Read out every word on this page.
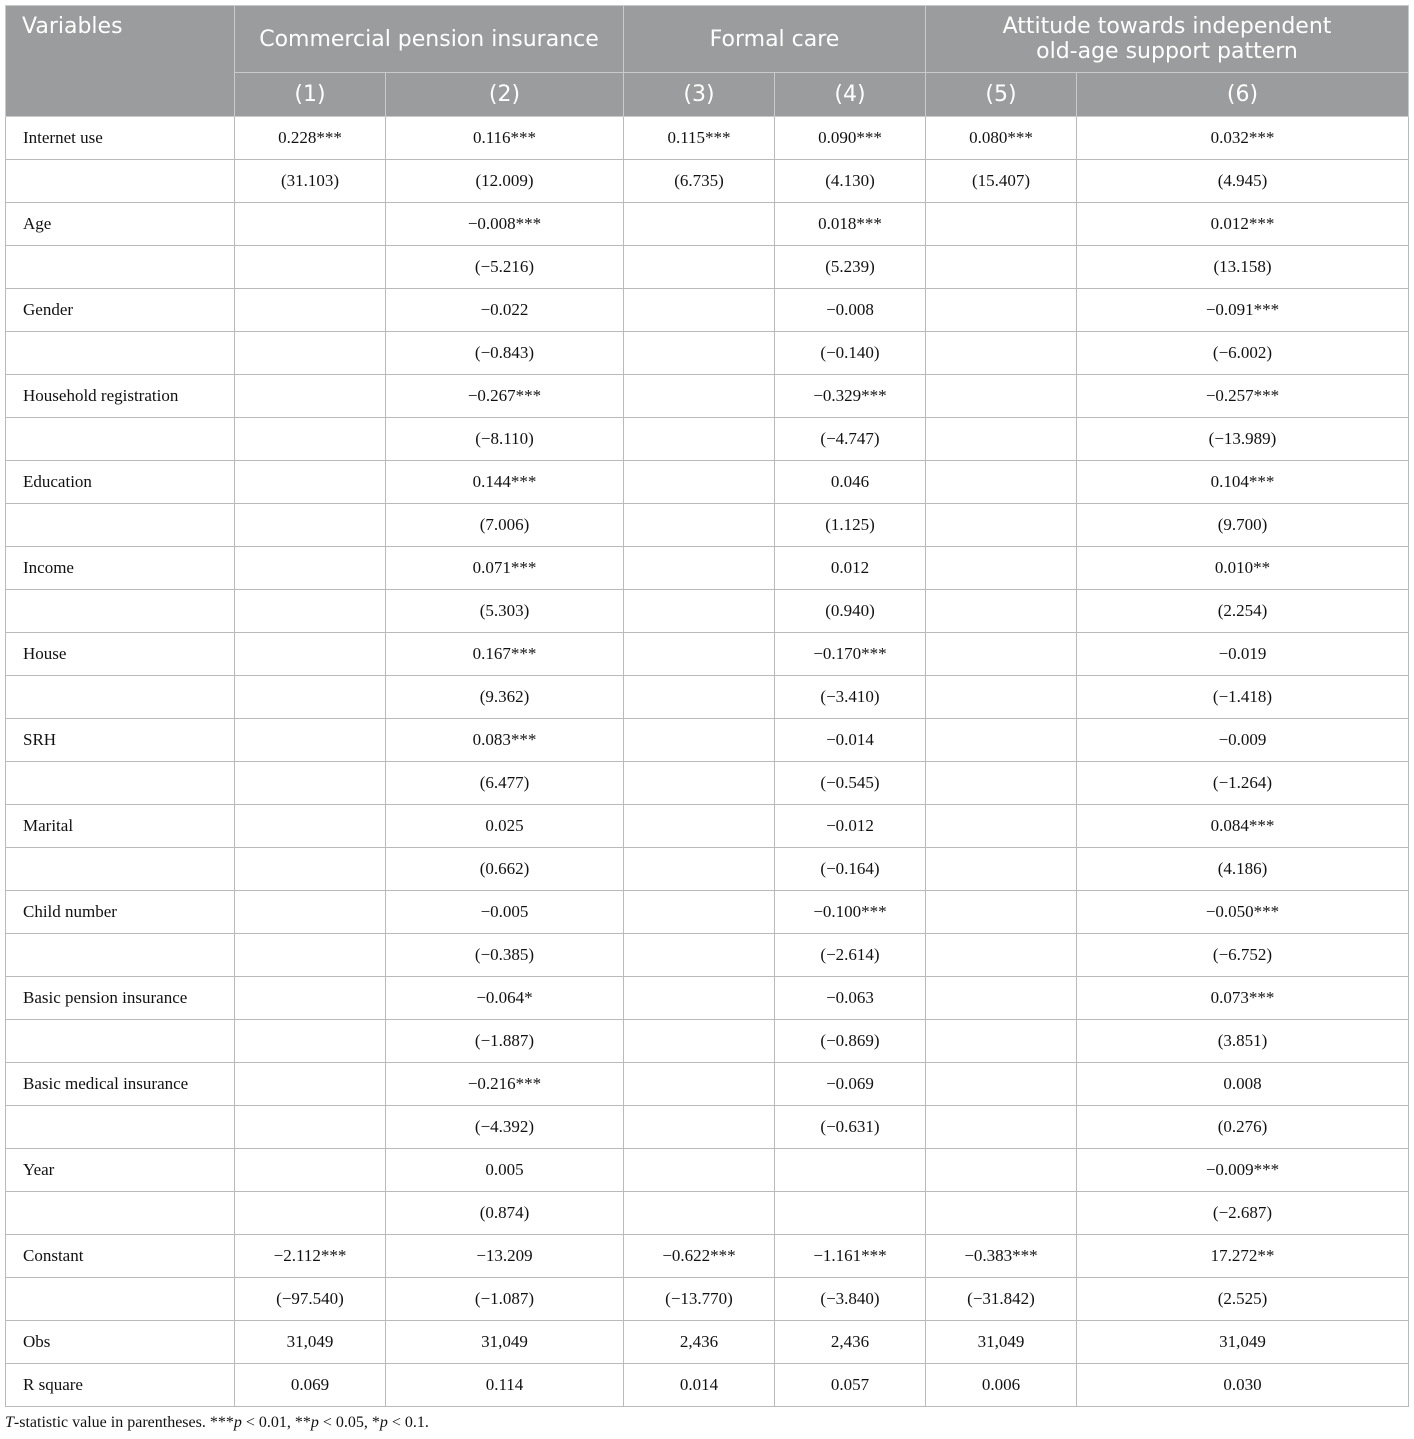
Variables	Commercial pension insurance		Formal care		Attitude towards independent
old-age support pattern	
	(1)	(2)	(3)	(4)	(5)	(6)
Internet use	0.228***	0.116***	0.115***	0.090***	0.080***	0.032***
	(31.103)	(12.009)	(6.735)	(4.130)	(15.407)	(4.945)
Age		−0.008***		0.018***		0.012***
		(−5.216)		(5.239)		(13.158)
Gender		−0.022		−0.008		−0.091***
		(−0.843)		(−0.140)		(−6.002)
Household registration		−0.267***		−0.329***		−0.257***
		(−8.110)		(−4.747)		(−13.989)
Education		0.144***		0.046		0.104***
		(7.006)		(1.125)		(9.700)
Income		0.071***		0.012		0.010**
		(5.303)		(0.940)		(2.254)
House		0.167***		−0.170***		−0.019
		(9.362)		(−3.410)		(−1.418)
SRH		0.083***		−0.014		−0.009
		(6.477)		(−0.545)		(−1.264)
Marital		0.025		−0.012		0.084***
		(0.662)		(−0.164)		(4.186)
Child number		−0.005		−0.100***		−0.050***
		(−0.385)		(−2.614)		(−6.752)
Basic pension insurance		−0.064*		−0.063		0.073***
		(−1.887)		(−0.869)		(3.851)
Basic medical insurance		−0.216***		−0.069		0.008
		(−4.392)		(−0.631)		(0.276)
Year		0.005				−0.009***
		(0.874)				(−2.687)
Constant	−2.112***	−13.209	−0.622***	−1.161***	−0.383***	17.272**
	(−97.540)	(−1.087)	(−13.770)	(−3.840)	(−31.842)	(2.525)
Obs	31,049	31,049	2,436	2,436	31,049	31,049
R square	0.069	0.114	0.014	0.057	0.006	0.030
T-statistic value in parentheses. ***p < 0.01, **p < 0.05, *p < 0.1.
